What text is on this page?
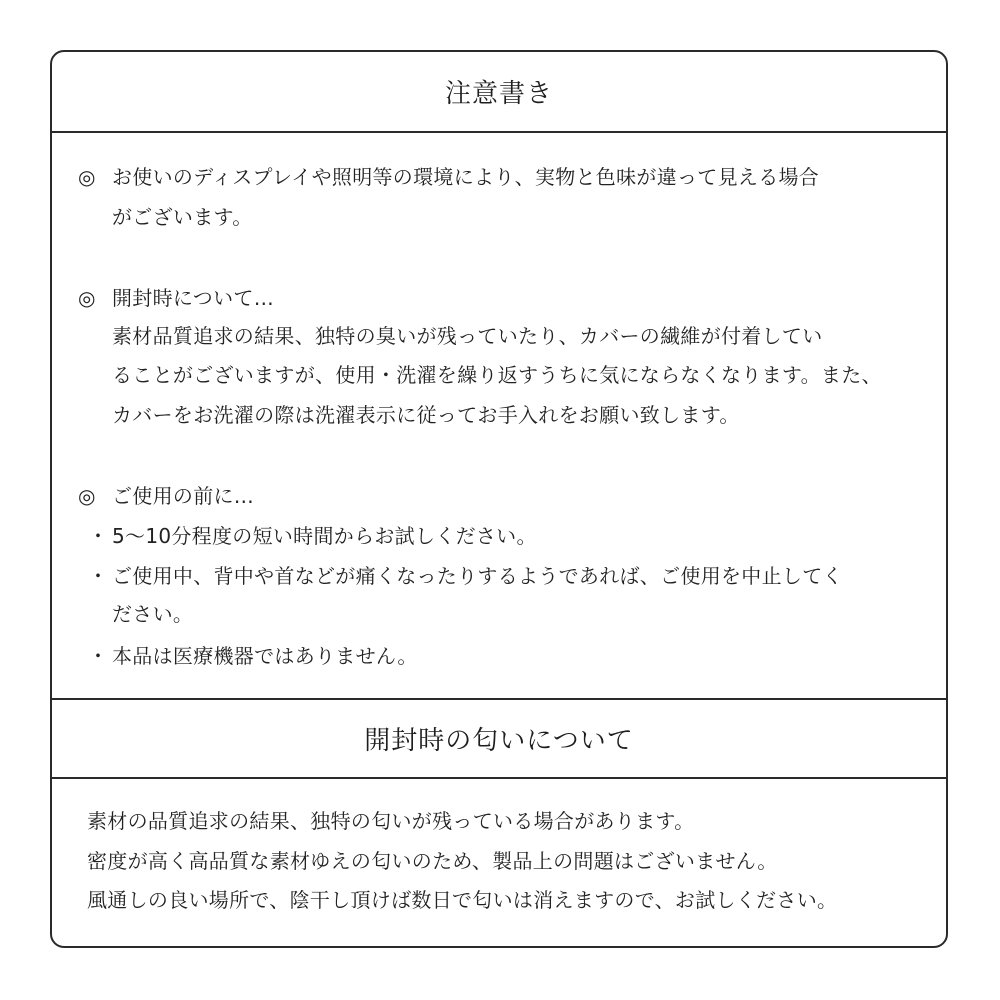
注意書き
◎ お使いのディスプレイや照明等の環境により、実物と色味が違って見える場合
がございます。
◎ 開封時について…
素材品質追求の結果、独特の臭いが残っていたり、カバーの繊維が付着してい
ることがございますが、使用・洗濯を繰り返すうちに気にならなくなります。また、
カバーをお洗濯の際は洗濯表示に従ってお手入れをお願い致します。
◎ ご使用の前に…
・ 5～10分程度の短い時間からお試しください。
・ ご使用中、背中や首などが痛くなったりするようであれば、ご使用を中止してく
ださい。
・ 本品は医療機器ではありません。
開封時の匂いについて
素材の品質追求の結果、独特の匂いが残っている場合があります。
密度が高く高品質な素材ゆえの匂いのため、製品上の問題はございません。
風通しの良い場所で、陰干し頂けば数日で匂いは消えますので、お試しください。
